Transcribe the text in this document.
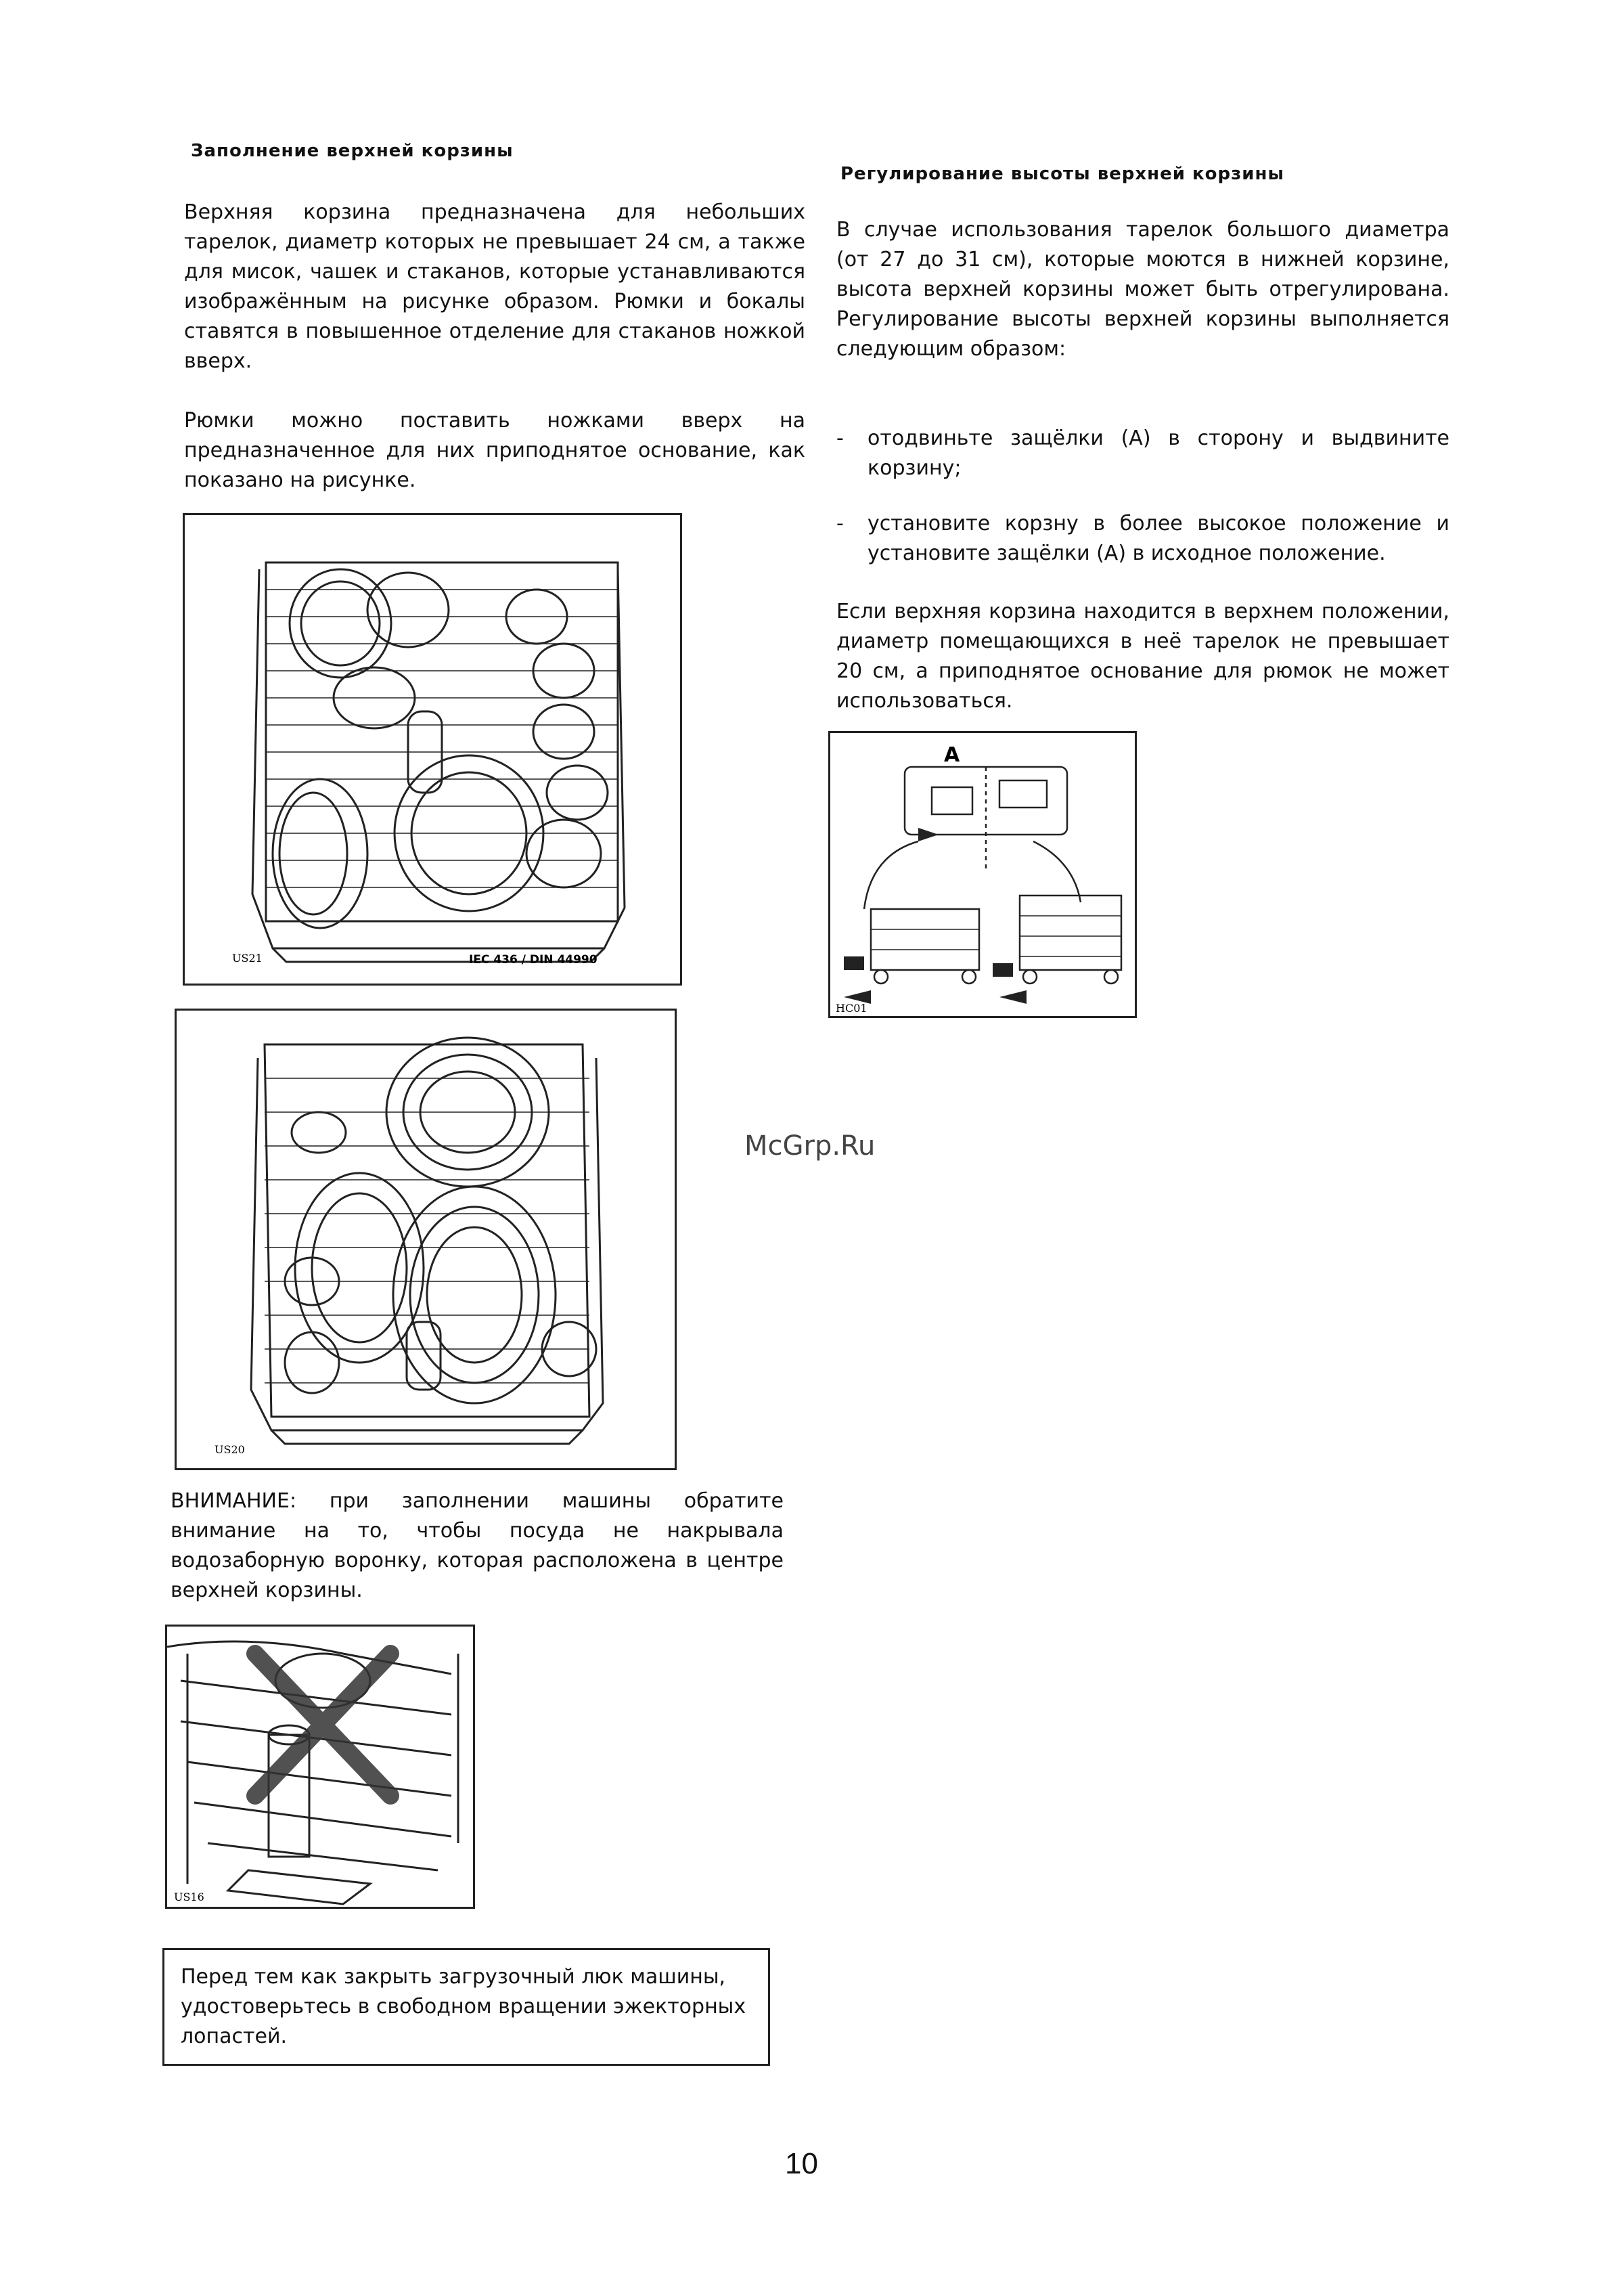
Заполнение верхней корзины
Верхняя корзина предназначена для небольших тарелок, диаметр которых не превышает 24 см, а также для мисок, чашек и стаканов, которые устанавливаются изображённым на рисунке образом. Рюмки и бокалы ставятся в повышенное отделение для стаканов ножкой вверх.
Рюмки можно поставить ножками вверх на предназначенное для них приподнятое основание, как показано на рисунке.
US21	IEC 436 / DIN 44990
US20
ВНИМАНИЕ: при заполнении машины обратите внимание на то, чтобы посуда не накрывала водозаборную воронку, которая расположена в центре верхней корзины.
US16
Перед тем как закрыть загрузочный люк машины, удостоверьтесь в свободном вращении эжекторных лопастей.
Регулирование высоты верхней корзины
В случае использования тарелок большого диаметра (от 27 до 31 см), которые моются в нижней корзине, высота верхней корзины может быть отрегулирована. Регулирование высоты верхней корзины выполняется следующим образом:
- отодвиньте защёлки (А) в сторону и выдвините корзину;
- установите корзну в более высокое положение и установите защёлки (А) в исходное положение.
Если верхняя корзина находится в верхнем положении, диаметр помещающихся в неё тарелок не превышает 20 см, а приподнятое основание для рюмок не может использоваться.
A
HC01
McGrp.Ru
10
